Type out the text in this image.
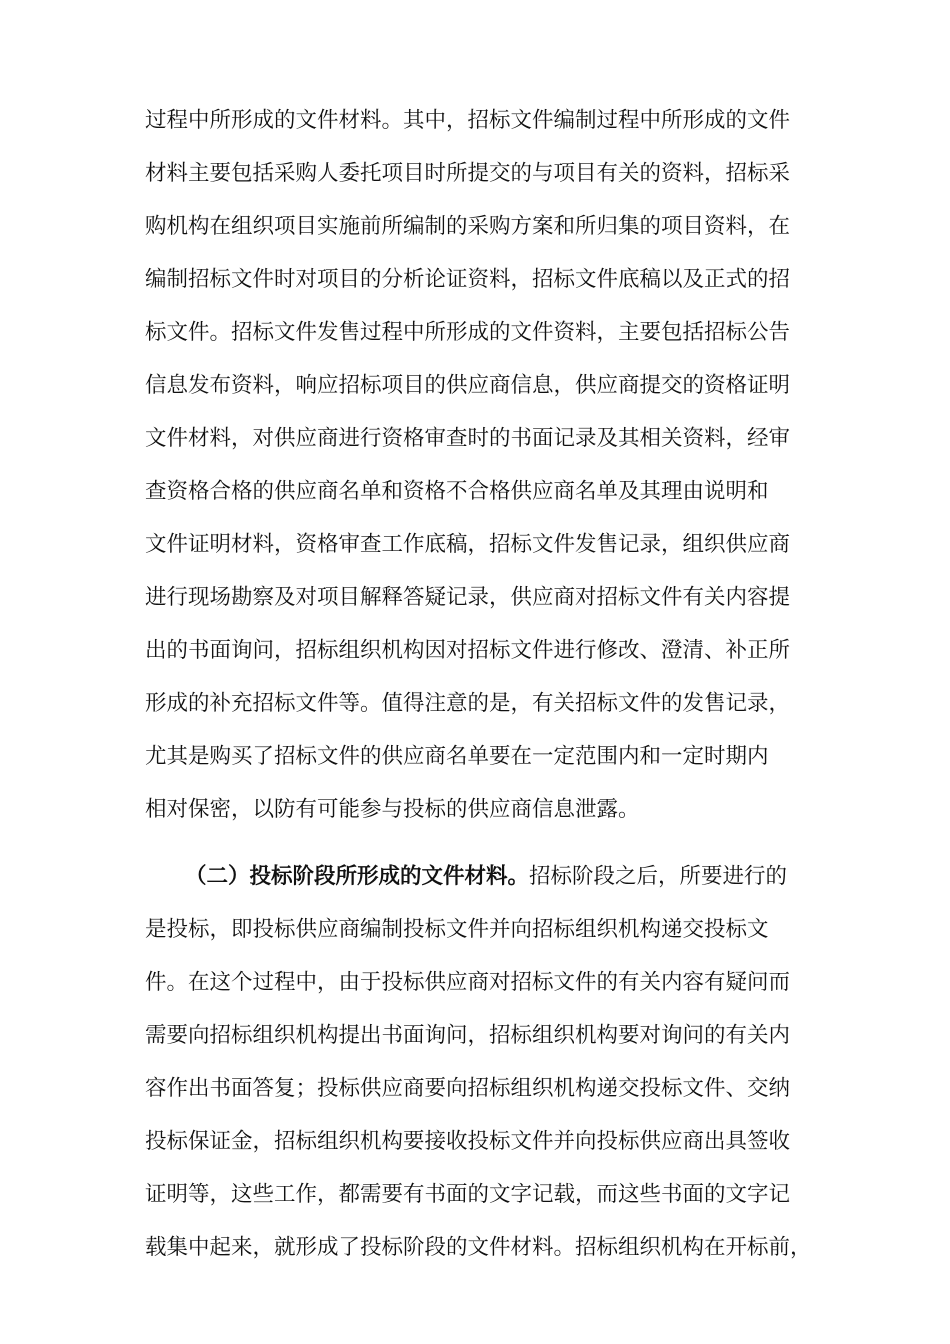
过程中所形成的文件材料。其中，招标文件编制过程中所形成的文件
材料主要包括采购人委托项目时所提交的与项目有关的资料，招标采
购机构在组织项目实施前所编制的采购方案和所归集的项目资料，在
编制招标文件时对项目的分析论证资料，招标文件底稿以及正式的招
标文件。招标文件发售过程中所形成的文件资料，主要包括招标公告
信息发布资料，响应招标项目的供应商信息，供应商提交的资格证明
文件材料，对供应商进行资格审查时的书面记录及其相关资料，经审
查资格合格的供应商名单和资格不合格供应商名单及其理由说明和
文件证明材料，资格审查工作底稿，招标文件发售记录，组织供应商
进行现场勘察及对项目解释答疑记录，供应商对招标文件有关内容提
出的书面询问，招标组织机构因对招标文件进行修改、澄清、补正所
形成的补充招标文件等。值得注意的是，有关招标文件的发售记录，
尤其是购买了招标文件的供应商名单要在一定范围内和一定时期内
相对保密，以防有可能参与投标的供应商信息泄露。
（二）投标阶段所形成的文件材料。招标阶段之后，所要进行的
是投标，即投标供应商编制投标文件并向招标组织机构递交投标文
件。在这个过程中，由于投标供应商对招标文件的有关内容有疑问而
需要向招标组织机构提出书面询问，招标组织机构要对询问的有关内
容作出书面答复；投标供应商要向招标组织机构递交投标文件、交纳
投标保证金，招标组织机构要接收投标文件并向投标供应商出具签收
证明等，这些工作，都需要有书面的文字记载，而这些书面的文字记
载集中起来，就形成了投标阶段的文件材料。招标组织机构在开标前，
